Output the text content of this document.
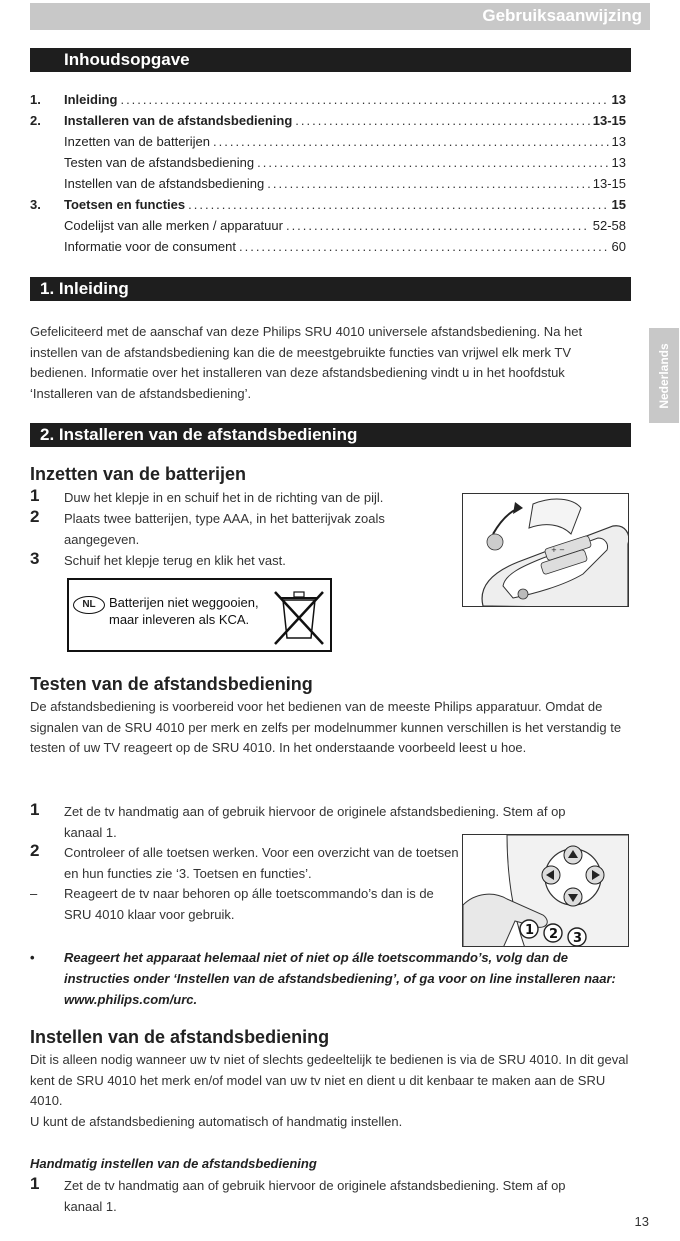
Gebruiksaanwijzing
Nederlands
Inhoudsopgave
1.	Inleiding .....	13
2.	Installeren van de afstandsbediening .....	13-15
Inzetten van de batterijen .....	13
Testen van de afstandsbediening .....	13
Instellen van de afstandsbediening .....	13-15
3.	Toetsen en functies .....	15
Codelijst van alle merken / apparatuur .....	52-58
Informatie voor de consument .....	60
1. Inleiding
Gefeliciteerd met de aanschaf van deze Philips SRU 4010 universele afstandsbediening. Na het instellen van de afstandsbediening kan die de meestgebruikte functies van vrijwel elk merk TV bedienen. Informatie over het installeren van deze afstandsbediening vindt u in het hoofdstuk ‘Installeren van de afstandsbediening’.
2. Installeren van de afstandsbediening
Inzetten van de batterijen
1 Duw het klepje in en schuif het in de richting van de pijl.
2 Plaats twee batterijen, type AAA, in het batterijvak zoals aangegeven.
3 Schuif het klepje terug en klik het vast.
+ −
NL	Batterijen niet weggooien,
maar inleveren als KCA.
Testen van de afstandsbediening
De afstandsbediening is voorbereid voor het bedienen van de meeste Philips apparatuur. Omdat de signalen van de SRU 4010 per merk en zelfs per modelnummer kunnen verschillen is het verstandig te testen of uw TV reageert op de SRU 4010. In het onderstaande voorbeeld leest u hoe.
1 Zet de tv handmatig aan of gebruik hiervoor de originele afstandsbediening. Stem af op kanaal 1.
2 Controleer of alle toetsen werken. Voor een overzicht van de toetsen en hun functies zie ‘3. Toetsen en functies’.
– Reageert de tv naar behoren op álle toetscommando’s dan is de SRU 4010 klaar voor gebruik.
1 2 3
• Reageert het apparaat helemaal niet of niet op álle toetscommando’s, volg dan de instructies onder ‘Instellen van de afstandsbediening’, of ga voor on line installeren naar: www.philips.com/urc.
Instellen van de afstandsbediening
Dit is alleen nodig wanneer uw tv niet of slechts gedeeltelijk te bedienen is via de SRU 4010. In dit geval kent de SRU 4010 het merk en/of model van uw tv niet en dient u dit kenbaar te maken aan de SRU 4010.
U kunt de afstandsbediening automatisch of handmatig instellen.
Handmatig instellen van de afstandsbediening
1 Zet de tv handmatig aan of gebruik hiervoor de originele afstandsbediening. Stem af op kanaal 1.
13
